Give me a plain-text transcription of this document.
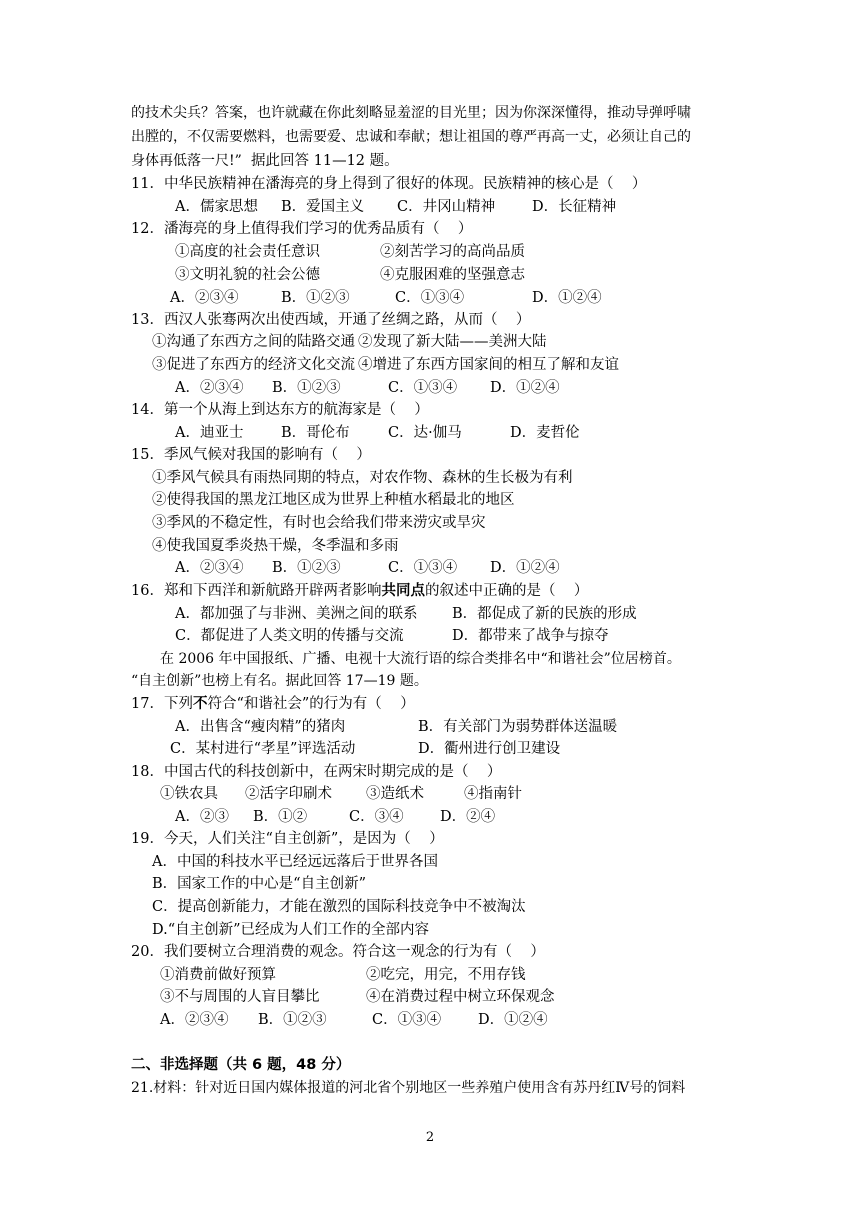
的技术尖兵？答案，也许就藏在你此刻略显羞涩的目光里；因为你深深懂得，推动导弹呼啸
出膛的，不仅需要燃料，也需要爱、忠诚和奉献；想让祖国的尊严再高一丈，必须让自己的
身体再低落一尺!” 据此回答 11—12 题。
11．中华民族精神在潘海亮的身上得到了很好的体现。民族精神的核心是（    ）
A．儒家思想 B．爱国主义 C．井冈山精神	D．长征精神
12．潘海亮的身上值得我们学习的优秀品质有（    ）
①高度的社会责任意识	②刻苦学习的高尚品质
③文明礼貌的社会公德	④克服困难的坚强意志
A．②③④	B．①②③	C．①③④	D．①②④
13．西汉人张骞两次出使西域，开通了丝绸之路，从而（    ）
①沟通了东西方之间的陆路交通 ②发现了新大陆——美洲大陆
③促进了东西方的经济文化交流 ④增进了东西方国家间的相互了解和友谊
A．②③④ B．①②③	C．①③④ D．①②④
14．第一个从海上到达东方的航海家是（    ）
A．迪亚士	B．哥伦布	C．达·伽马	D．麦哲伦
15．季风气候对我国的影响有（    ）
①季风气候具有雨热同期的特点，对农作物、森林的生长极为有利
②使得我国的黑龙江地区成为世界上种植水稻最北的地区
③季风的不稳定性，有时也会给我们带来涝灾或旱灾
④使我国夏季炎热干燥，冬季温和多雨
A．②③④ B．①②③	C．①③④ D．①②④
16．郑和下西洋和新航路开辟两者影响共同点的叙述中正确的是（    ）
A．都加强了与非洲、美洲之间的联系 B．都促成了新的民族的形成
C．都促进了人类文明的传播与交流	D．都带来了战争与掠夺
在 2006 年中国报纸、广播、电视十大流行语的综合类排名中“和谐社会”位居榜首。
“自主创新”也榜上有名。据此回答 17—19 题。
17．下列不符合“和谐社会”的行为有（    ）
A．出售含“瘦肉精”的猪肉	B．有关部门为弱势群体送温暖
C．某村进行“孝星”评选活动	D．衢州进行创卫建设
18．中国古代的科技创新中，在两宋时期完成的是（    ）
①铁农具 ②活字印刷术 ③造纸术	④指南针
A．②③ B．①②	C．③④	D．②④
19．今天，人们关注“自主创新”，是因为（    ）
A．中国的科技水平已经远远落后于世界各国
B．国家工作的中心是“自主创新”
C．提高创新能力，才能在激烈的国际科技竞争中不被淘汰
D.“自主创新”已经成为人们工作的全部内容
20．我们要树立合理消费的观念。符合这一观念的行为有（    ）
①消费前做好预算	②吃完，用完，不用存钱
③不与周围的人盲目攀比	④在消费过程中树立环保观念
A．②③④ B．①②③	C．①③④	D．①②④
二、非选择题（共 6 题，48 分）
21.材料：针对近日国内媒体报道的河北省个别地区一些养殖户使用含有苏丹红Ⅳ号的饲料
2
